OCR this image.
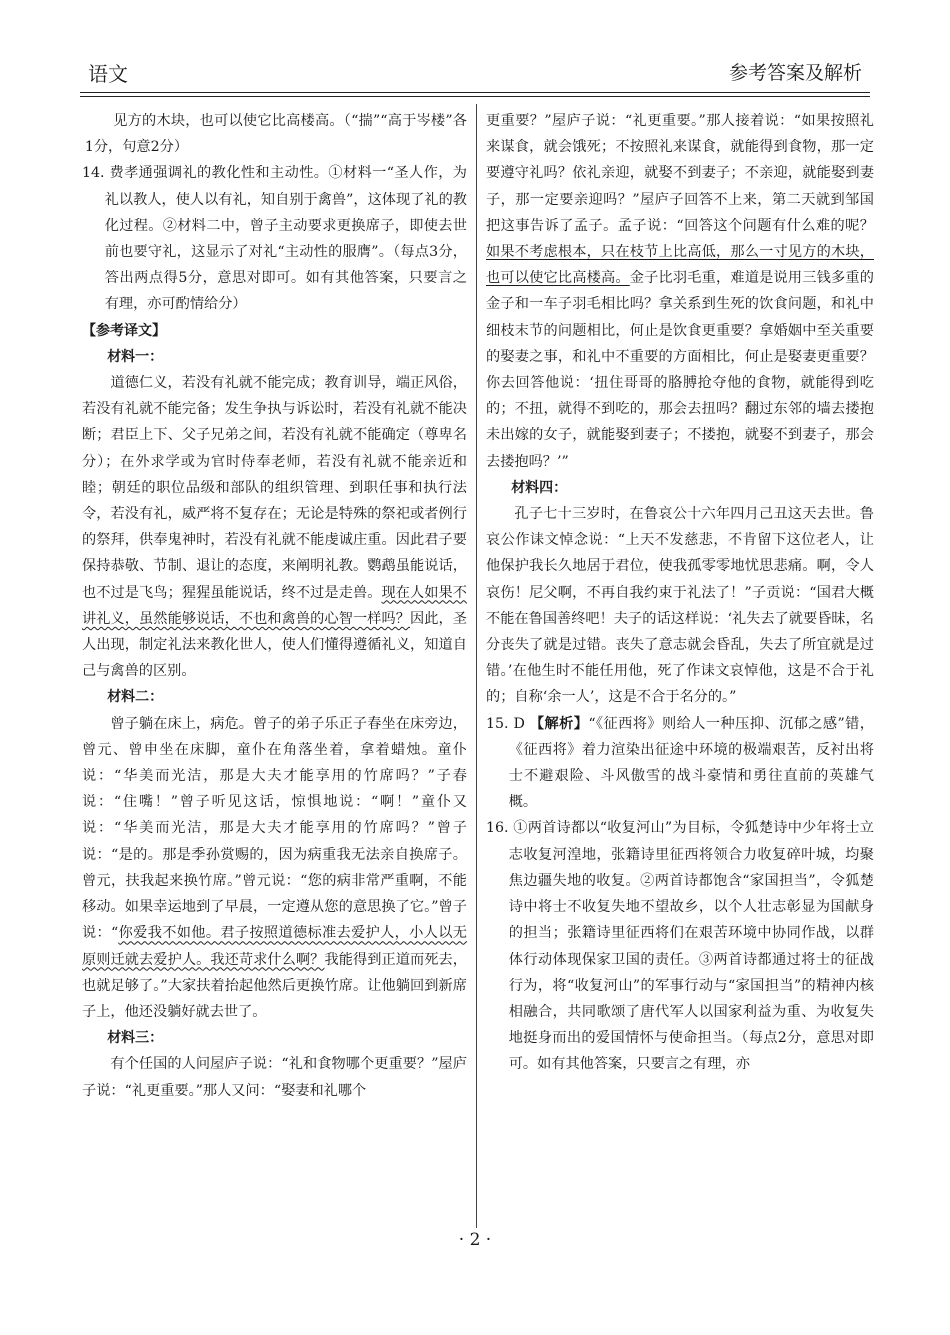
语文	参考答案及解析

见方的木块，也可以使它比高楼高。（“揣”“高于岑楼”各1分，句意2分）

14. 费孝通强调礼的教化性和主动性。①材料一“圣人作，为礼以教人，使人以有礼，知自别于禽兽”，这体现了礼的教化过程。②材料二中，曾子主动要求更换席子，即使去世前也要守礼，这显示了对礼“主动性的服膺”。（每点3分，答出两点得5分，意思对即可。如有其他答案，只要言之有理，亦可酌情给分）

【参考译文】

材料一：

道德仁义，若没有礼就不能完成；教育训导，端正风俗，若没有礼就不能完备；发生争执与诉讼时，若没有礼就不能决断；君臣上下、父子兄弟之间，若没有礼就不能确定（尊卑名分）；在外求学或为官时侍奉老师，若没有礼就不能亲近和睦；朝廷的职位品级和部队的组织管理、到职任事和执行法令，若没有礼，威严将不复存在；无论是特殊的祭祀或者例行的祭拜，供奉鬼神时，若没有礼就不能虔诚庄重。因此君子要保持恭敬、节制、退让的态度，来阐明礼教。鹦鹉虽能说话，也不过是飞鸟；猩猩虽能说话，终不过是走兽。现在人如果不讲礼义，虽然能够说话，不也和禽兽的心智一样吗？因此，圣人出现，制定礼法来教化世人，使人们懂得遵循礼义，知道自己与禽兽的区别。

材料二：

曾子躺在床上，病危。曾子的弟子乐正子春坐在床旁边，曾元、曾申坐在床脚，童仆在角落坐着，拿着蜡烛。童仆说：“华美而光洁，那是大夫才能享用的竹席吗？”子春说：“住嘴！”曾子听见这话，惊惧地说：“啊！”童仆又说：“华美而光洁，那是大夫才能享用的竹席吗？”曾子说：“是的。那是季孙赏赐的，因为病重我无法亲自换席子。曾元，扶我起来换竹席。”曾元说：“您的病非常严重啊，不能移动。如果幸运地到了早晨，一定遵从您的意思换了它。”曾子说：“你爱我不如他。君子按照道德标准去爱护人，小人以无原则迁就去爱护人。我还苛求什么啊？我能得到正道而死去，也就足够了。”大家扶着抬起他然后更换竹席。让他躺回到新席子上，他还没躺好就去世了。

材料三：

有个任国的人问屋庐子说：“礼和食物哪个更重要？”屋庐子说：“礼更重要。”那人又问：“娶妻和礼哪个

更重要？”屋庐子说：“礼更重要。”那人接着说：“如果按照礼来谋食，就会饿死；不按照礼来谋食，就能得到食物，那一定要遵守礼吗？依礼亲迎，就娶不到妻子；不亲迎，就能娶到妻子，那一定要亲迎吗？”屋庐子回答不上来，第二天就到邹国把这事告诉了孟子。孟子说：“回答这个问题有什么难的呢？如果不考虑根本，只在枝节上比高低，那么一寸见方的木块，也可以使它比高楼高。金子比羽毛重，难道是说用三钱多重的金子和一车子羽毛相比吗？拿关系到生死的饮食问题，和礼中细枝末节的问题相比，何止是饮食更重要？拿婚姻中至关重要的娶妻之事，和礼中不重要的方面相比，何止是娶妻更重要？你去回答他说：‘扭住哥哥的胳膊抢夺他的食物，就能得到吃的；不扭，就得不到吃的，那会去扭吗？翻过东邻的墙去搂抱未出嫁的女子，就能娶到妻子；不搂抱，就娶不到妻子，那会去搂抱吗？’”

材料四：

孔子七十三岁时，在鲁哀公十六年四月己丑这天去世。鲁哀公作诔文悼念说：“上天不发慈悲，不肯留下这位老人，让他保护我长久地居于君位，使我孤零零地忧思悲痛。啊，令人哀伤！尼父啊，不再自我约束于礼法了！”子贡说：“国君大概不能在鲁国善终吧！夫子的话这样说：‘礼失去了就要昏昧，名分丧失了就是过错。丧失了意志就会昏乱，失去了所宜就是过错。’在他生时不能任用他，死了作诔文哀悼他，这是不合于礼的；自称‘余一人’，这是不合于名分的。”

15. D 【解析】“《征西将》则给人一种压抑、沉郁之感”错，《征西将》着力渲染出征途中环境的极端艰苦，反衬出将士不避艰险、斗风傲雪的战斗豪情和勇往直前的英雄气概。

16. ①两首诗都以“收复河山”为目标，令狐楚诗中少年将士立志收复河湟地，张籍诗里征西将领合力收复碎叶城，均聚焦边疆失地的收复。②两首诗都饱含“家国担当”，令狐楚诗中将士不收复失地不望故乡，以个人壮志彰显为国献身的担当；张籍诗里征西将们在艰苦环境中协同作战，以群体行动体现保家卫国的责任。③两首诗都通过将士的征战行为，将“收复河山”的军事行动与“家国担当”的精神内核相融合，共同歌颂了唐代军人以国家利益为重、为收复失地挺身而出的爱国情怀与使命担当。（每点2分，意思对即可。如有其他答案，只要言之有理，亦

· 2 ·
